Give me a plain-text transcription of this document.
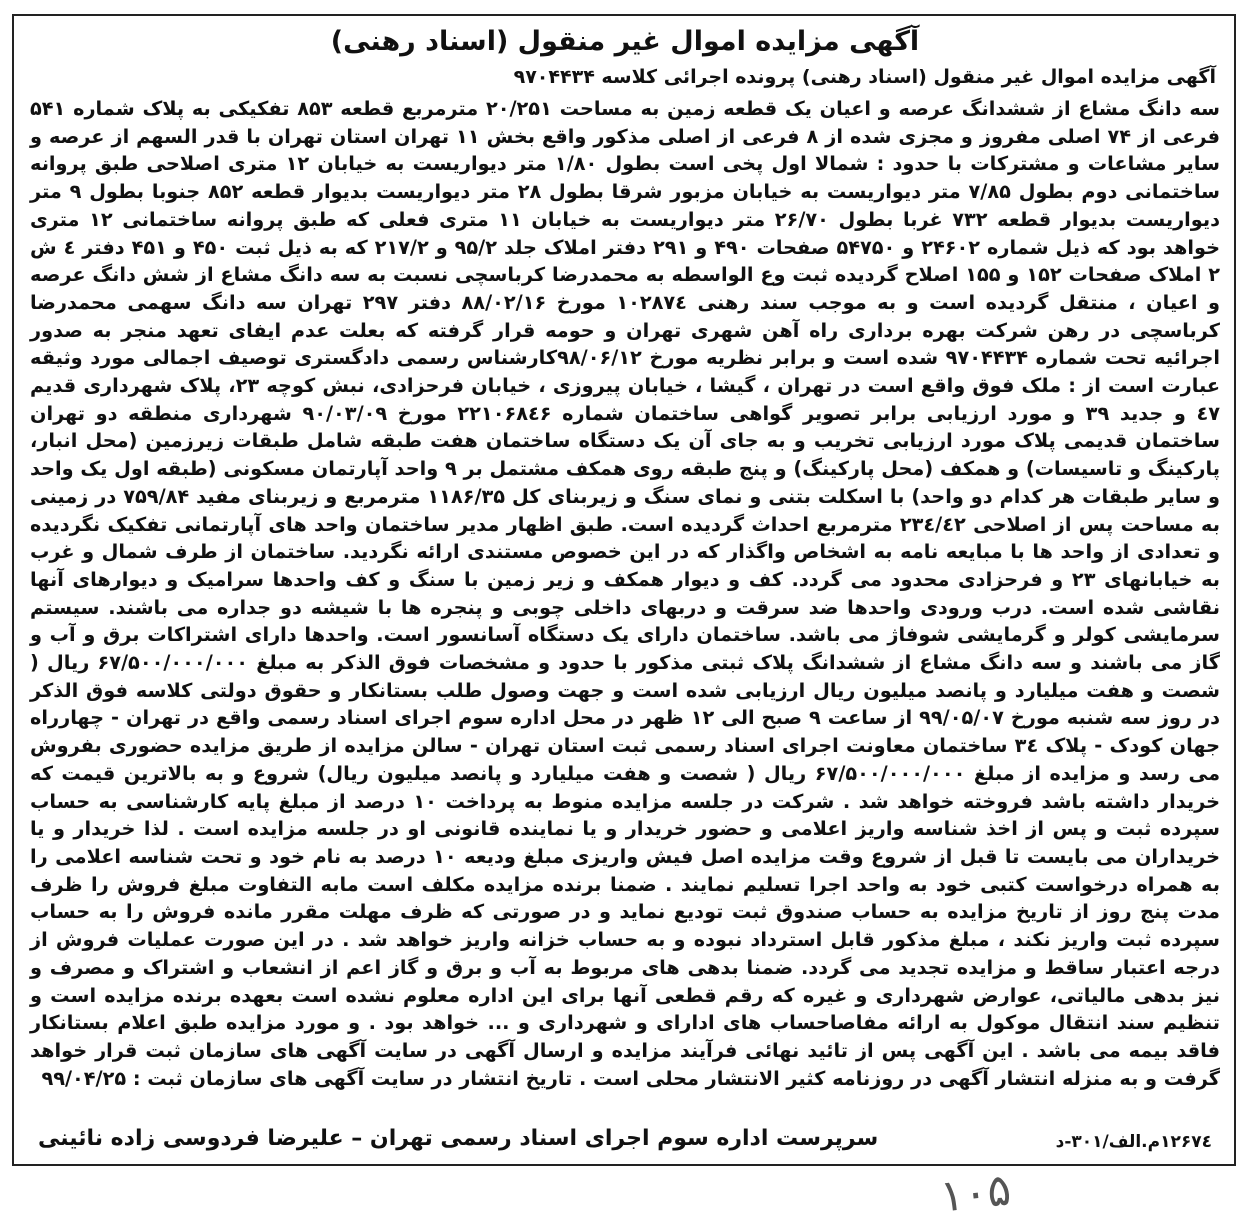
آگهی مزایده اموال غیر منقول (اسناد رهنی)
آگهی مزایده اموال غیر منقول (اسناد رهنی) پرونده اجرائی کلاسه ۹۷۰۴۴۳۴

سه دانگ مشاع از ششدانگ عرصه و اعیان یک قطعه زمین به مساحت ۲۰/۲۵۱ مترمربع قطعه ۸۵۳ تفکیکی به پلاک شماره ۵۴۱ فرعی از ۷۴ اصلی مفروز و مجزی شده از ۸ فرعی از اصلی مذکور واقع بخش ۱۱ تهران استان تهران با قدر السهم از عرصه و سایر مشاعات و مشترکات با حدود : شمالا اول پخی است بطول ۱/۸۰ متر دیواریست به خیابان ۱۲ متری اصلاحی طبق پروانه ساختمانی دوم بطول ۷/۸۵ متر دیواریست به خیابان مزبور شرقا بطول ۲۸ متر دیواریست بدیوار قطعه ۸۵۲ جنوبا بطول ۹ متر دیواریست بدیوار قطعه ۷۳۲ غربا بطول ۲۶/۷۰ متر دیواریست به خیابان ۱۱ متری فعلی که طبق پروانه ساختمانی ۱۲ متری خواهد بود که ذیل شماره ۲۴۶۰۲ و ۵۴۷۵۰ صفحات ۴۹۰ و ۲۹۱ دفتر املاک جلد ۹۵/۲ و ۲۱۷/۲ که به ذیل ثبت ۴۵۰ و ۴۵۱ دفتر ٤ ش ۲ املاک صفحات ۱۵۲ و ۱۵۵ اصلاح گردیده ثبت وع الواسطه به محمدرضا کرباسچی نسبت به سه دانگ مشاع از شش دانگ عرصه و اعیان ، منتقل گردیده است و به موجب سند رهنی ۱۰۲۸۷٤ مورخ ۸۸/۰۲/۱۶ دفتر ۲۹۷ تهران سه دانگ سهمی محمدرضا کرباسچی در رهن شرکت بهره برداری راه آهن شهری تهران و حومه قرار گرفته که بعلت عدم ایفای تعهد منجر به صدور اجرائیه تحت شماره ۹۷۰۴۴۳۴ شده است و برابر نظریه مورخ ۹۸/۰۶/۱۲کارشناس رسمی دادگستری توصیف اجمالی مورد وثیقه عبارت است از : ملک فوق واقع است در تهران ، گیشا ، خیابان پیروزی ، خیابان فرحزادی، نبش کوچه ۲۳، پلاک شهرداری قدیم ٤۷ و جدید ۳۹ و مورد ارزیابی برابر تصویر گواهی ساختمان شماره ۲۲۱۰۶۸٤۶ مورخ ۹۰/۰۳/۰۹ شهرداری منطقه دو تهران ساختمان قدیمی پلاک مورد ارزیابی تخریب و به جای آن یک دستگاه ساختمان هفت طبقه شامل طبقات زیرزمین (محل انبار، پارکینگ و تاسیسات) و همکف (محل پارکینگ) و پنج طبقه روی همکف مشتمل بر ۹ واحد آپارتمان مسکونی (طبقه اول یک واحد و سایر طبقات هر کدام دو واحد) با اسکلت بتنی و نمای سنگ و زیربنای کل ۱۱۸۶/۳۵ مترمربع و زیربنای مفید ۷۵۹/۸۴ در زمینی به مساحت پس از اصلاحی ۲۳٤/٤۲ مترمربع احداث گردیده است. طبق اظهار مدیر ساختمان واحد های آپارتمانی تفکیک نگردیده و تعدادی از واحد ها با مبایعه نامه به اشخاص واگذار که در این خصوص مستندی ارائه نگردید. ساختمان از طرف شمال و غرب به خیابانهای ۲۳ و فرحزادی محدود می گردد. کف و دیوار همکف و زیر زمین با سنگ و کف واحدها سرامیک و دیوارهای آنها نقاشی شده است. درب ورودی واحدها ضد سرقت و دربهای داخلی چوبی و پنجره ها با شیشه دو جداره می باشند. سیستم سرمایشی کولر و گرمایشی شوفاژ می باشد. ساختمان دارای یک دستگاه آسانسور است. واحدها دارای اشتراکات برق و آب و گاز می باشند و سه دانگ مشاع از ششدانگ پلاک ثبتی مذکور با حدود و مشخصات فوق الذکر به مبلغ ۶۷/۵۰۰/۰۰۰/۰۰۰ ریال ( شصت و هفت میلیارد و پانصد میلیون ریال ارزیابی شده است و جهت وصول طلب بستانکار و حقوق دولتی کلاسه فوق الذکر در روز سه شنبه مورخ ۹۹/۰۵/۰۷ از ساعت ۹ صبح الی ۱۲ ظهر در محل اداره سوم اجرای اسناد رسمی واقع در تهران - چهارراه جهان کودک - پلاک ۳٤ ساختمان معاونت اجرای اسناد رسمی ثبت استان تهران - سالن مزایده از طریق مزایده حضوری بفروش می رسد و مزایده از مبلغ ۶۷/۵۰۰/۰۰۰/۰۰۰ ریال ( شصت و هفت میلیارد و پانصد میلیون ریال) شروع و به بالاترین قیمت که خریدار داشته باشد فروخته خواهد شد . شرکت در جلسه مزایده منوط به پرداخت ۱۰ درصد از مبلغ پایه کارشناسی به حساب سپرده ثبت و پس از اخذ شناسه واریز اعلامی و حضور خریدار و یا نماینده قانونی او در جلسه مزایده است . لذا خریدار و یا خریداران می بایست تا قبل از شروع وقت مزایده اصل فیش واریزی مبلغ ودیعه ۱۰ درصد به نام خود و تحت شناسه اعلامی را به همراه درخواست کتبی خود به واحد اجرا تسلیم نمایند . ضمنا برنده مزایده مکلف است مابه التفاوت مبلغ فروش را ظرف مدت پنج روز از تاریخ مزایده به حساب صندوق ثبت تودیع نماید و در صورتی که ظرف مهلت مقرر مانده فروش را به حساب سپرده ثبت واریز نکند ، مبلغ مذکور قابل استرداد نبوده و به حساب خزانه واریز خواهد شد . در این صورت عملیات فروش از درجه اعتبار ساقط و مزایده تجدید می گردد. ضمنا بدهی های مربوط به آب و برق و گاز اعم از انشعاب و اشتراک و مصرف و نیز بدهی مالیاتی، عوارض شهرداری و غیره که رقم قطعی آنها برای این اداره معلوم نشده است بعهده برنده مزایده است و تنظیم سند انتقال موکول به ارائه مفاصاحساب های ادارای و شهرداری و ... خواهد بود . و مورد مزایده طبق اعلام بستانکار فاقد بیمه می باشد . این آگهی پس از تائید نهائی فرآیند مزایده و ارسال آگهی در سایت آگهی های سازمان ثبت قرار خواهد گرفت و به منزله انتشار آگهی در روزنامه کثیر الانتشار محلی است . تاریخ انتشار در سایت آگهی های سازمان ثبت : ۹۹/۰۴/۲۵

۱۲۶۷٤م.الف/۳۰۱-د
سرپرست اداره سوم اجرای اسناد رسمی تهران – علیرضا فردوسی زاده نائینی
۱۰۵
